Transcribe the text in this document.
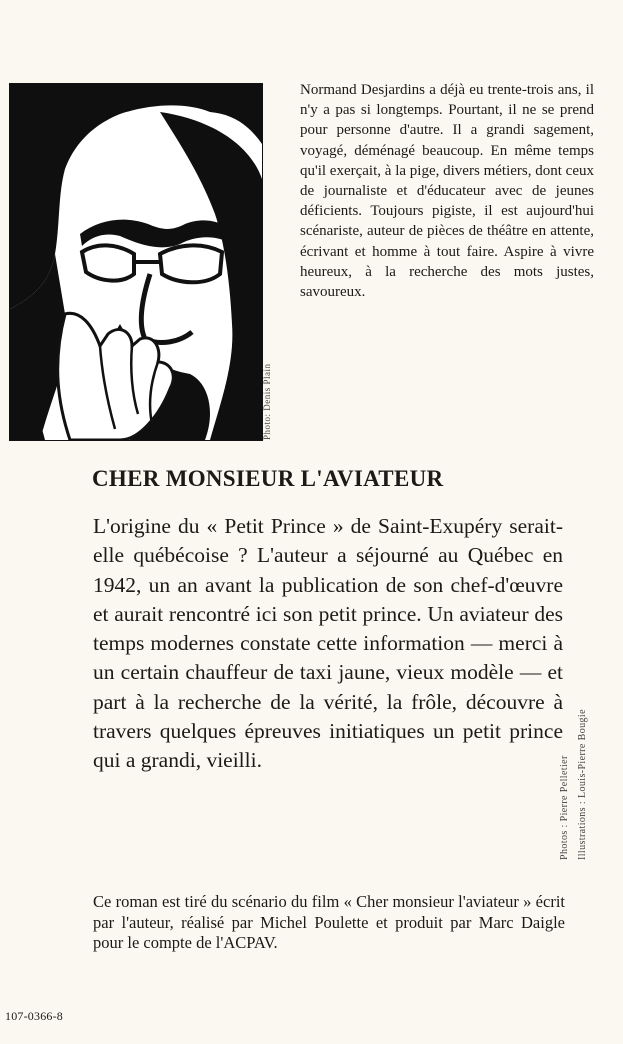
Photo: Denis Plain

Normand Desjardins a déjà eu trente-trois ans, il n'y a pas si longtemps. Pourtant, il ne se prend pour personne d'autre. Il a grandi sagement, voyagé, déménagé beaucoup. En même temps qu'il exerçait, à la pige, divers métiers, dont ceux de journaliste et d'éducateur avec de jeunes déficients. Toujours pigiste, il est aujourd'hui scénariste, auteur de pièces de théâtre en attente, écrivant et homme à tout faire. Aspire à vivre heureux, à la recherche des mots justes, savoureux.

CHER MONSIEUR L'AVIATEUR

L'origine du « Petit Prince » de Saint-Exupéry serait-elle québécoise ? L'auteur a séjourné au Québec en 1942, un an avant la publication de son chef-d'œuvre et aurait rencontré ici son petit prince. Un aviateur des temps modernes constate cette information — merci à un certain chauffeur de taxi jaune, vieux modèle — et part à la recherche de la vérité, la frôle, découvre à travers quelques épreuves initiatiques un petit prince qui a grandi, vieilli.	Photos : Pierre Pelletier Illustrations : Louis-Pierre Bougie

Ce roman est tiré du scénario du film « Cher monsieur l'aviateur » écrit par l'auteur, réalisé par Michel Poulette et produit par Marc Daigle pour le compte de l'ACPAV.

107-0366-8
